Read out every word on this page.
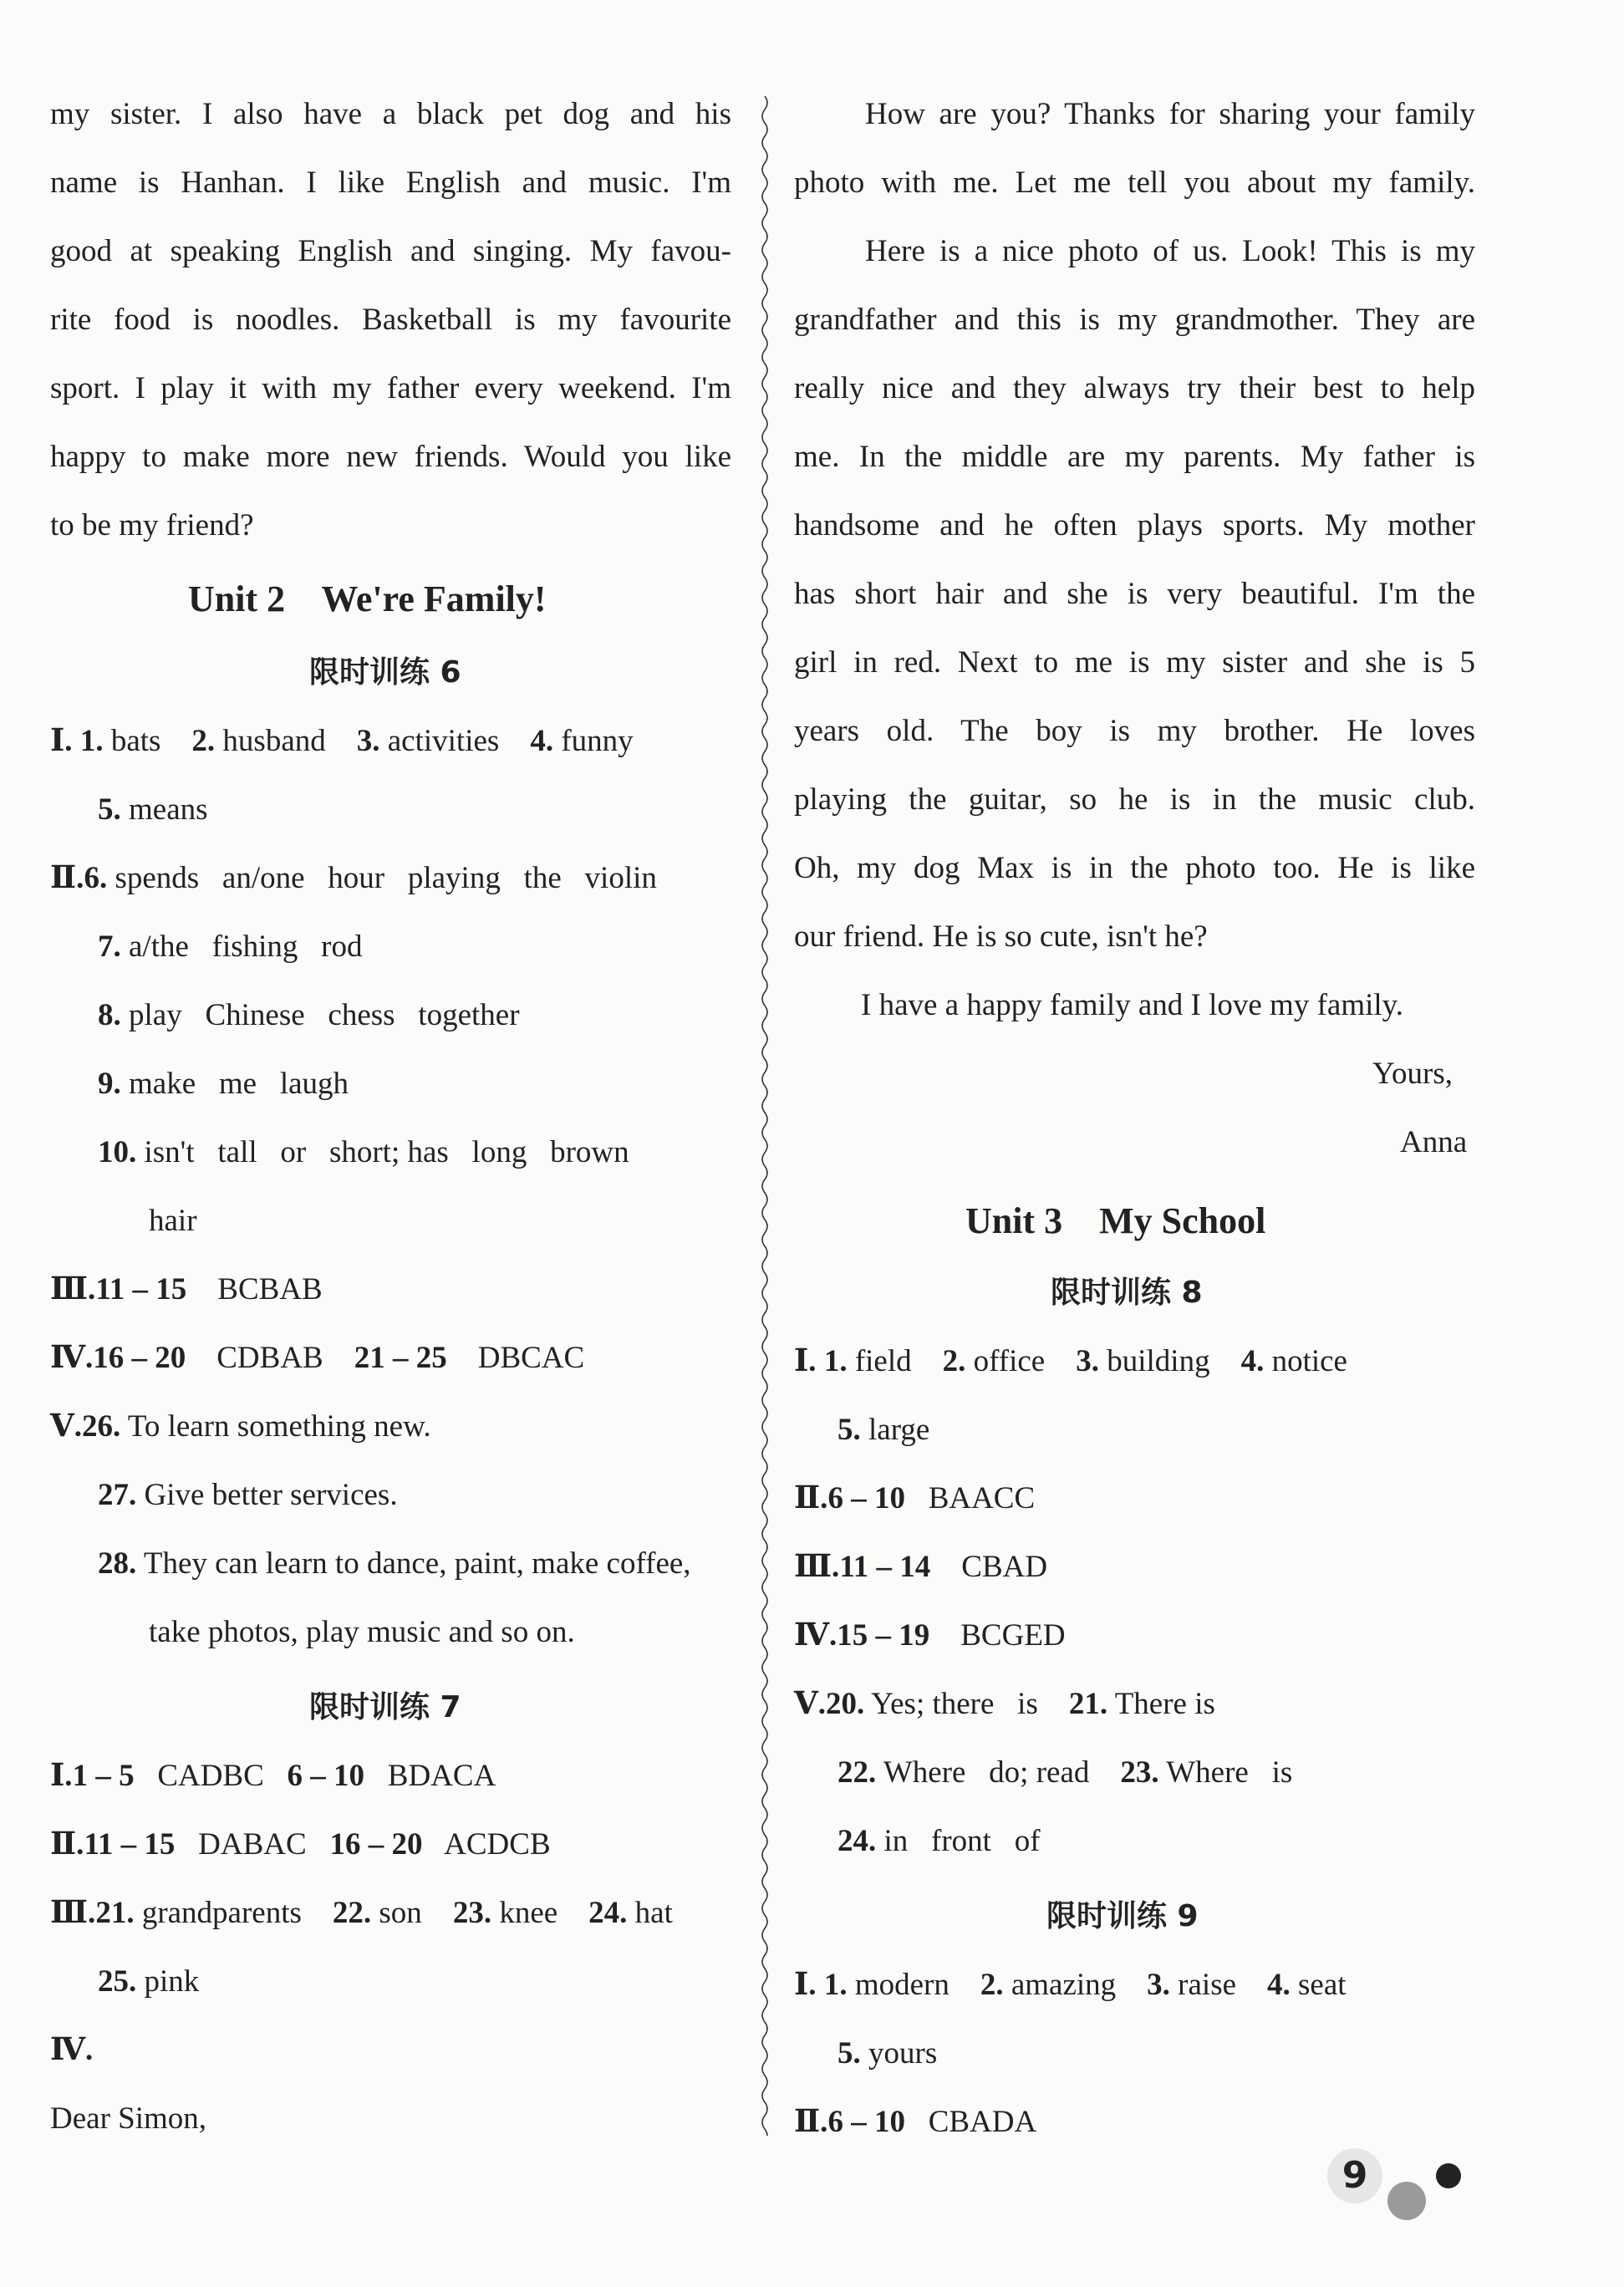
my sister. I also have a black pet dog and his
name is Hanhan. I like English and music. I'm
good at speaking English and singing. My favou-
rite food is noodles. Basketball is my favourite
sport. I play it with my father every weekend. I'm
happy to make more new friends. Would you like
to be my friend?
Unit 2    We're Family!
限时训练 6
Ⅰ. 1. bats 2. husband 3. activities 4. funny
5. means
Ⅱ.6. spends   an/one   hour   playing   the   violin
7. a/the   fishing   rod
8. play   Chinese   chess   together
9. make   me   laugh
10. isn't   tall   or   short; has   long   brown
hair
Ⅲ.11 – 15 BCBAB
Ⅳ.16 – 20 CDBAB 21 – 25 DBCAC
Ⅴ.26. To learn something new.
27. Give better services.
28. They can learn to dance, paint, make coffee,
take photos, play music and so on.
限时训练 7
Ⅰ.1 – 5 CADBC 6 – 10 BDACA
Ⅱ.11 – 15 DABAC 16 – 20 ACDCB
Ⅲ.21. grandparents 22. son 23. knee 24. hat
25. pink
Ⅳ.
Dear Simon,
How are you? Thanks for sharing your family
photo with me. Let me tell you about my family.
Here is a nice photo of us. Look! This is my
grandfather and this is my grandmother. They are
really nice and they always try their best to help
me. In the middle are my parents. My father is
handsome and he often plays sports. My mother
has short hair and she is very beautiful. I'm the
girl in red. Next to me is my sister and she is 5
years old. The boy is my brother. He loves
playing the guitar, so he is in the music club.
Oh, my dog Max is in the photo too. He is like
our friend. He is so cute, isn't he?
I have a happy family and I love my family.
Yours,
Anna
Unit 3    My School
限时训练 8
Ⅰ. 1. field 2. office 3. building 4. notice
5. large
Ⅱ.6 – 10 BAACC
Ⅲ.11 – 14 CBAD
Ⅳ.15 – 19 BCGED
Ⅴ.20. Yes; there   is 21. There is
22. Where   do; read 23. Where   is
24. in   front   of
限时训练 9
Ⅰ. 1. modern 2. amazing 3. raise 4. seat
5. yours
Ⅱ.6 – 10 CBADA
9
